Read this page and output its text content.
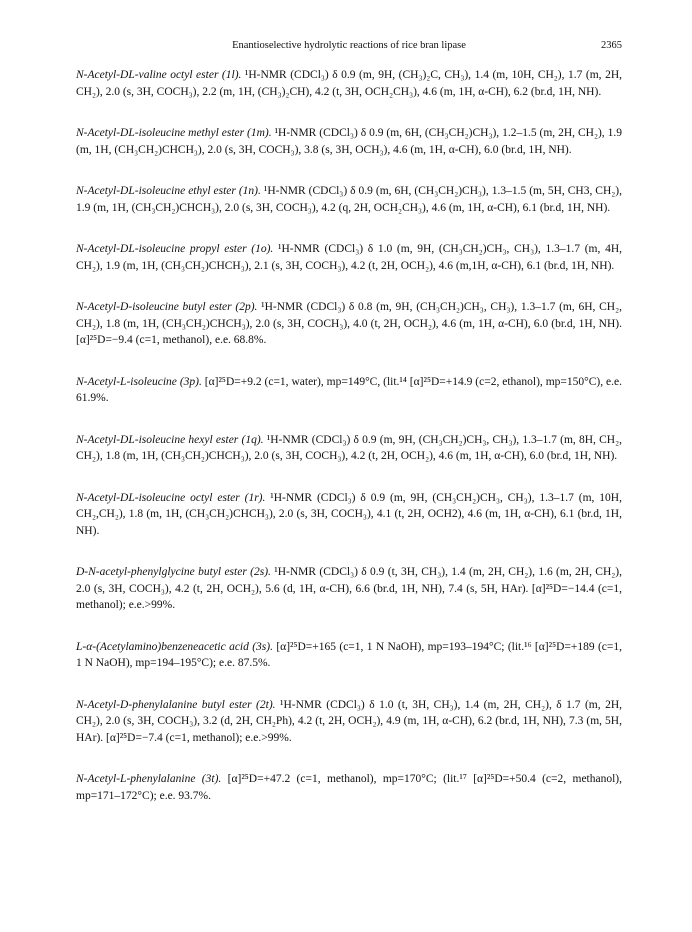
Enantioselective hydrolytic reactions of rice bran lipase	2365

N-Acetyl-DL-valine octyl ester (1l). ¹H-NMR (CDCl₃) δ 0.9 (m, 9H, (CH₃)₂C, CH₃), 1.4 (m, 10H, CH₂), 1.7 (m, 2H, CH₂), 2.0 (s, 3H, COCH₃), 2.2 (m, 1H, (CH₃)₂CH), 4.2 (t, 3H, OCH₂CH₃), 4.6 (m, 1H, α-CH), 6.2 (br.d, 1H, NH).

N-Acetyl-DL-isoleucine methyl ester (1m). ¹H-NMR (CDCl₃) δ 0.9 (m, 6H, (CH₃CH₂)CH₃), 1.2–1.5 (m, 2H, CH₂), 1.9 (m, 1H, (CH₃CH₂)CHCH₃), 2.0 (s, 3H, COCH₃), 3.8 (s, 3H, OCH₃), 4.6 (m, 1H, α-CH), 6.0 (br.d, 1H, NH).

N-Acetyl-DL-isoleucine ethyl ester (1n). ¹H-NMR (CDCl₃) δ 0.9 (m, 6H, (CH₃CH₂)CH₃), 1.3–1.5 (m, 5H, CH3, CH₂), 1.9 (m, 1H, (CH₃CH₂)CHCH₃), 2.0 (s, 3H, COCH₃), 4.2 (q, 2H, OCH₂CH₃), 4.6 (m, 1H, α-CH), 6.1 (br.d, 1H, NH).

N-Acetyl-DL-isoleucine propyl ester (1o). ¹H-NMR (CDCl₃) δ 1.0 (m, 9H, (CH₃CH₂)CH₃, CH₃), 1.3–1.7 (m, 4H, CH₂), 1.9 (m, 1H, (CH₃CH₂)CHCH₃), 2.1 (s, 3H, COCH₃), 4.2 (t, 2H, OCH₂), 4.6 (m,1H, α-CH), 6.1 (br.d, 1H, NH).

N-Acetyl-D-isoleucine butyl ester (2p). ¹H-NMR (CDCl₃) δ 0.8 (m, 9H, (CH₃CH₂)CH₃, CH₃), 1.3–1.7 (m, 6H, CH₂, CH₂), 1.8 (m, 1H, (CH₃CH₂)CHCH₃), 2.0 (s, 3H, COCH₃), 4.0 (t, 2H, OCH₂), 4.6 (m, 1H, α-CH), 6.0 (br.d, 1H, NH). [α]²⁵D=−9.4 (c=1, methanol), e.e. 68.8%.

N-Acetyl-L-isoleucine (3p). [α]²⁵D=+9.2 (c=1, water), mp=149°C, (lit.¹⁴ [α]²⁵D=+14.9 (c=2, ethanol), mp=150°C), e.e. 61.9%.

N-Acetyl-DL-isoleucine hexyl ester (1q). ¹H-NMR (CDCl₃) δ 0.9 (m, 9H, (CH₃CH₂)CH₃, CH₃), 1.3–1.7 (m, 8H, CH₂, CH₂), 1.8 (m, 1H, (CH₃CH₂)CHCH₃), 2.0 (s, 3H, COCH₃), 4.2 (t, 2H, OCH₂), 4.6 (m, 1H, α-CH), 6.0 (br.d, 1H, NH).

N-Acetyl-DL-isoleucine octyl ester (1r). ¹H-NMR (CDCl₃) δ 0.9 (m, 9H, (CH₃CH₂)CH₃, CH₃), 1.3–1.7 (m, 10H, CH₂,CH₂), 1.8 (m, 1H, (CH₃CH₂)CHCH₃), 2.0 (s, 3H, COCH₃), 4.1 (t, 2H, OCH2), 4.6 (m, 1H, α-CH), 6.1 (br.d, 1H, NH).

D-N-acetyl-phenylglycine butyl ester (2s). ¹H-NMR (CDCl₃) δ 0.9 (t, 3H, CH₃), 1.4 (m, 2H, CH₂), 1.6 (m, 2H, CH₂), 2.0 (s, 3H, COCH₃), 4.2 (t, 2H, OCH₂), 5.6 (d, 1H, α-CH), 6.6 (br.d, 1H, NH), 7.4 (s, 5H, HAr). [α]²⁵D=−14.4 (c=1, methanol); e.e.>99%.

L-α-(Acetylamino)benzeneacetic acid (3s). [α]²⁵D=+165 (c=1, 1 N NaOH), mp=193–194°C; (lit.¹⁶ [α]²⁵D=+189 (c=1, 1 N NaOH), mp=194–195°C); e.e. 87.5%.

N-Acetyl-D-phenylalanine butyl ester (2t). ¹H-NMR (CDCl₃) δ 1.0 (t, 3H, CH₃), 1.4 (m, 2H, CH₂), δ 1.7 (m, 2H, CH₂), 2.0 (s, 3H, COCH₃), 3.2 (d, 2H, CH₂Ph), 4.2 (t, 2H, OCH₂), 4.9 (m, 1H, α-CH), 6.2 (br.d, 1H, NH), 7.3 (m, 5H, HAr). [α]²⁵D=−7.4 (c=1, methanol); e.e.>99%.

N-Acetyl-L-phenylalanine (3t). [α]²⁵D=+47.2 (c=1, methanol), mp=170°C; (lit.¹⁷ [α]²⁵D=+50.4 (c=2, methanol), mp=171–172°C); e.e. 93.7%.
